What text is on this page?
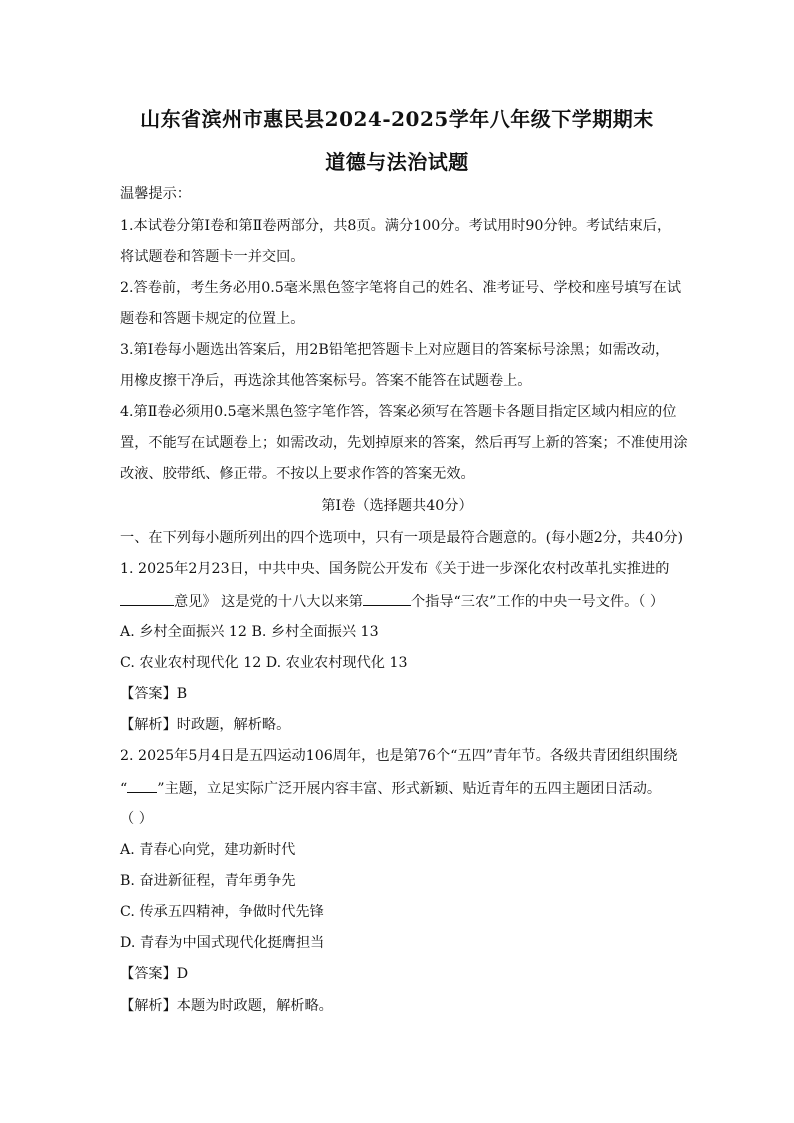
山东省滨州市惠民县2024-2025学年八年级下学期期末
道德与法治试题
温馨提示：
1.本试卷分第Ⅰ卷和第Ⅱ卷两部分，共8页。满分100分。考试用时90分钟。考试结束后，
将试题卷和答题卡一并交回。
2.答卷前，考生务必用0.5毫米黑色签字笔将自己的姓名、准考证号、学校和座号填写在试
题卷和答题卡规定的位置上。
3.第Ⅰ卷每小题选出答案后，用2B铅笔把答题卡上对应题目的答案标号涂黑；如需改动，
用橡皮擦干净后，再选涂其他答案标号。答案不能答在试题卷上。
4.第Ⅱ卷必须用0.5毫米黑色签字笔作答，答案必须写在答题卡各题目指定区域内相应的位
置，不能写在试题卷上；如需改动，先划掉原来的答案，然后再写上新的答案；不准使用涂
改液、胶带纸、修正带。不按以上要求作答的答案无效。
第Ⅰ卷（选择题共40分）
一、在下列每小题所列出的四个选项中，只有一项是最符合题意的。(每小题2分，共40分)
1. 2025年2月23日，中共中央、国务院公开发布《关于进一步深化农村改革扎实推进的
意见》 这是党的十八大以来第	个指导“三农”工作的中央一号文件。（ ）
A. 乡村全面振兴 12 B. 乡村全面振兴 13
C. 农业农村现代化 12 D. 农业农村现代化 13
【答案】B
【解析】时政题，解析略。
2. 2025年5月4日是五四运动106周年，也是第76个“五四”青年节。各级共青团组织围绕
“ ”主题，立足实际广泛开展内容丰富、形式新颖、贴近青年的五四主题团日活动。
（ ）
A. 青春心向党，建功新时代
B. 奋进新征程，青年勇争先
C. 传承五四精神，争做时代先锋
D. 青春为中国式现代化挺膺担当
【答案】D
【解析】本题为时政题，解析略。
